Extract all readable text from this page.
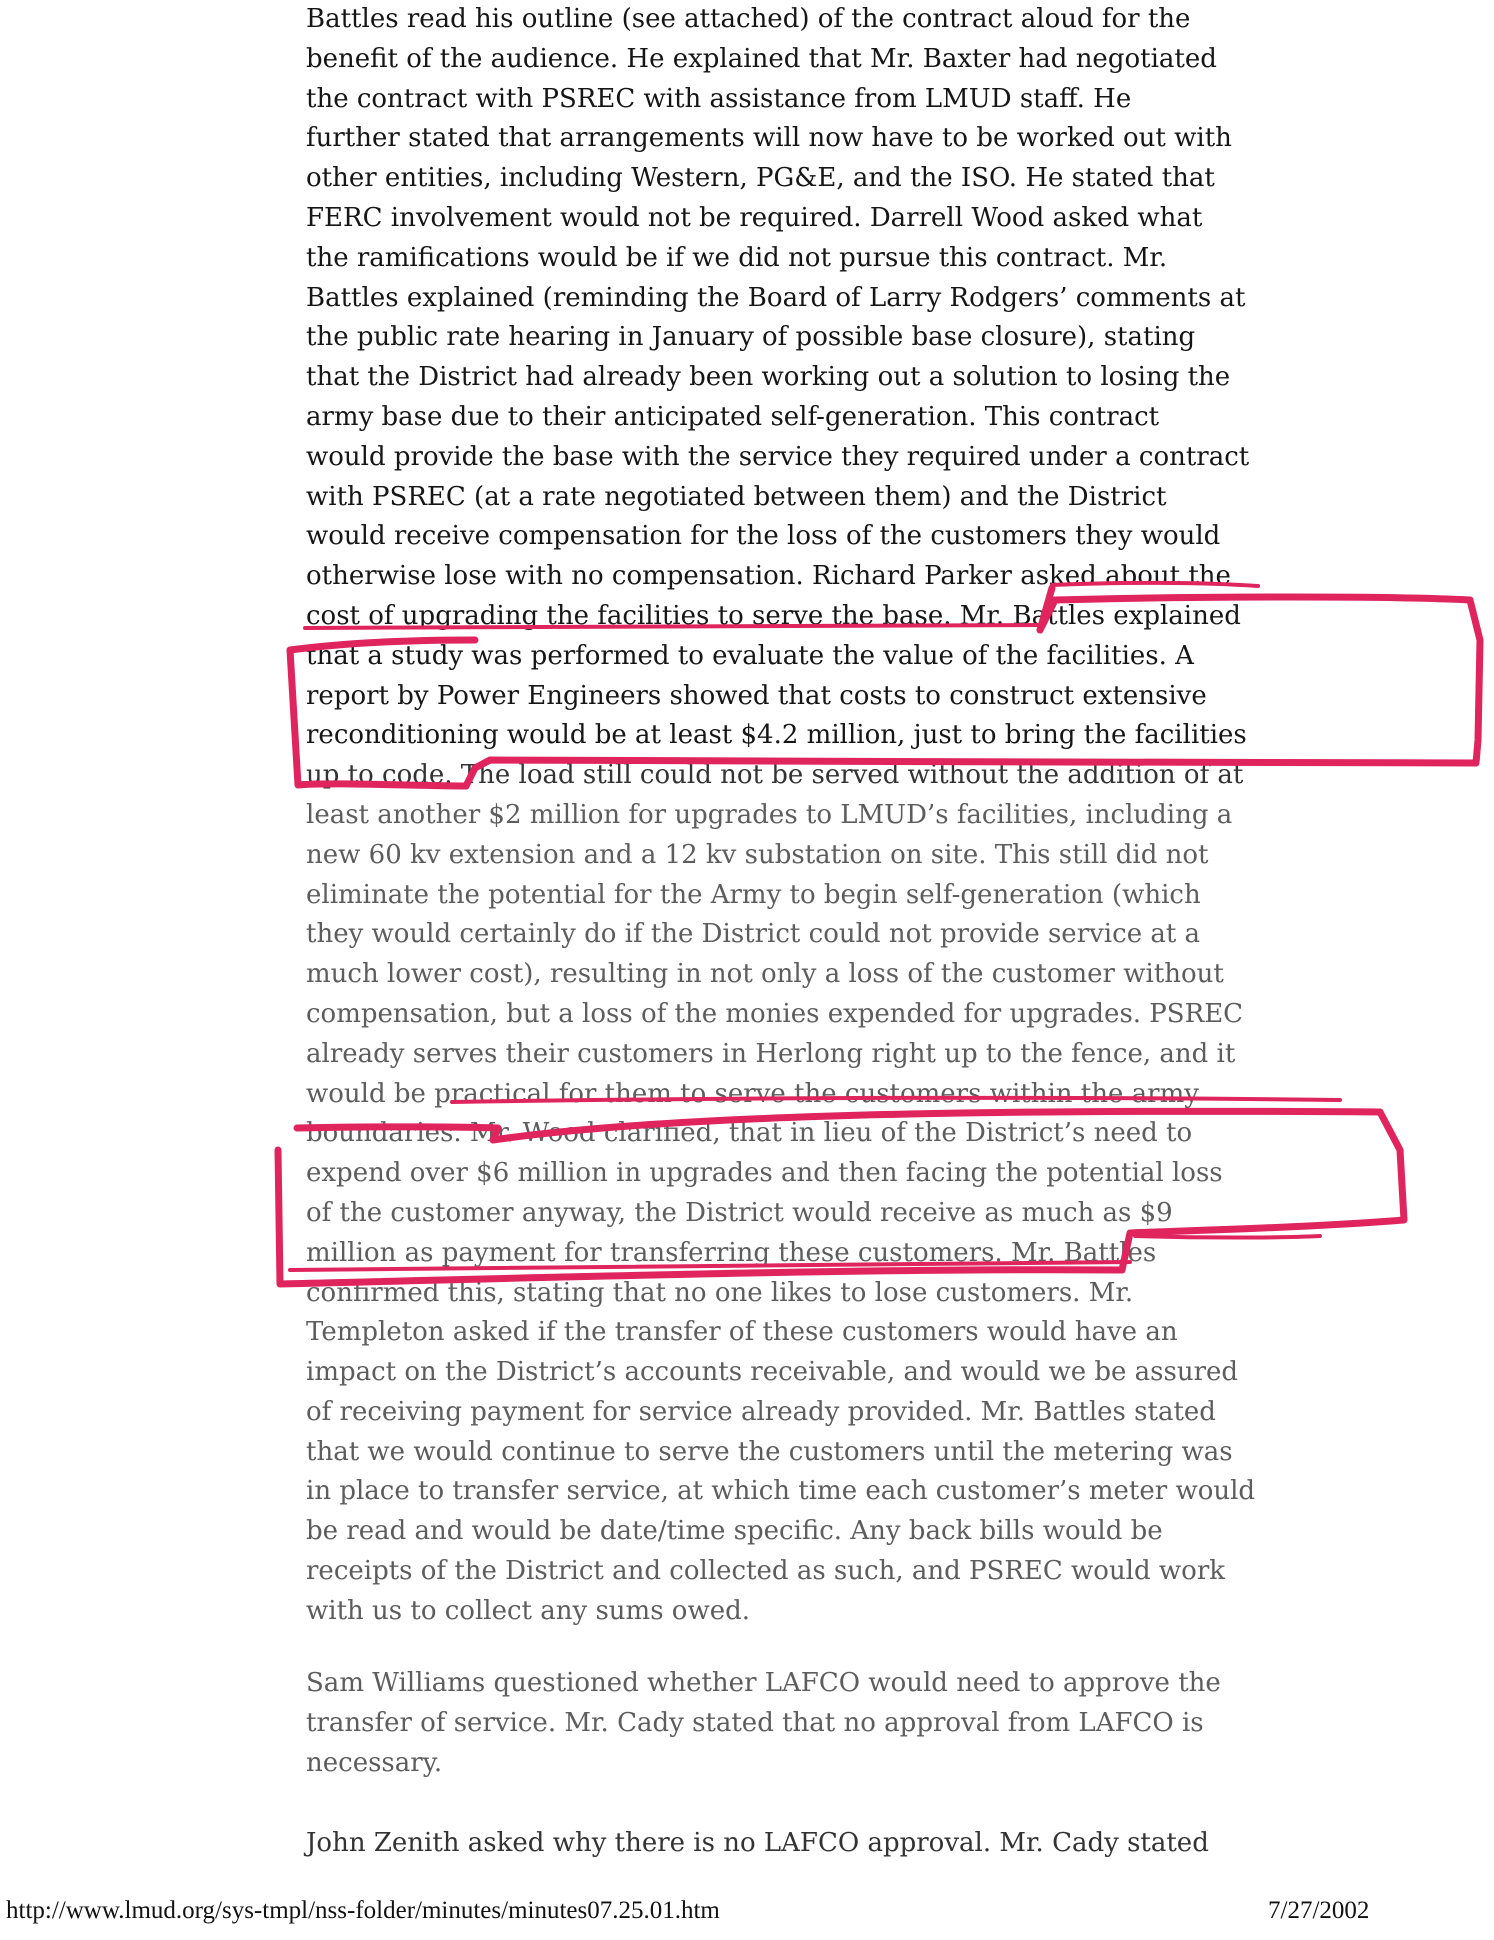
Battles read his outline (see attached) of the contract aloud for the
benefit of the audience. He explained that Mr. Baxter had negotiated
the contract with PSREC with assistance from LMUD staff. He
further stated that arrangements will now have to be worked out with
other entities, including Western, PG&E, and the ISO. He stated that
FERC involvement would not be required. Darrell Wood asked what
the ramifications would be if we did not pursue this contract. Mr.
Battles explained (reminding the Board of Larry Rodgers’ comments at
the public rate hearing in January of possible base closure), stating
that the District had already been working out a solution to losing the
army base due to their anticipated self-generation. This contract
would provide the base with the service they required under a contract
with PSREC (at a rate negotiated between them) and the District
would receive compensation for the loss of the customers they would
otherwise lose with no compensation. Richard Parker asked about the
cost of upgrading the facilities to serve the base. Mr. Battles explained
that a study was performed to evaluate the value of the facilities. A
report by Power Engineers showed that costs to construct extensive
reconditioning would be at least $4.2 million, just to bring the facilities
up to code. The load still could not be served without the addition of at
least another $2 million for upgrades to LMUD’s facilities, including a
new 60 kv extension and a 12 kv substation on site. This still did not
eliminate the potential for the Army to begin self-generation (which
they would certainly do if the District could not provide service at a
much lower cost), resulting in not only a loss of the customer without
compensation, but a loss of the monies expended for upgrades. PSREC
already serves their customers in Herlong right up to the fence, and it
would be practical for them to serve the customers within the army
boundaries. Mr. Wood clarified, that in lieu of the District’s need to
expend over $6 million in upgrades and then facing the potential loss
of the customer anyway, the District would receive as much as $9
million as payment for transferring these customers. Mr. Battles
confirmed this, stating that no one likes to lose customers. Mr.
Templeton asked if the transfer of these customers would have an
impact on the District’s accounts receivable, and would we be assured
of receiving payment for service already provided. Mr. Battles stated
that we would continue to serve the customers until the metering was
in place to transfer service, at which time each customer’s meter would
be read and would be date/time specific. Any back bills would be
receipts of the District and collected as such, and PSREC would work
with us to collect any sums owed.
Sam Williams questioned whether LAFCO would need to approve the
transfer of service. Mr. Cady stated that no approval from LAFCO is
necessary.
John Zenith asked why there is no LAFCO approval. Mr. Cady stated
http://www.lmud.org/sys-tmpl/nss-folder/minutes/minutes07.25.01.htm	7/27/2002
